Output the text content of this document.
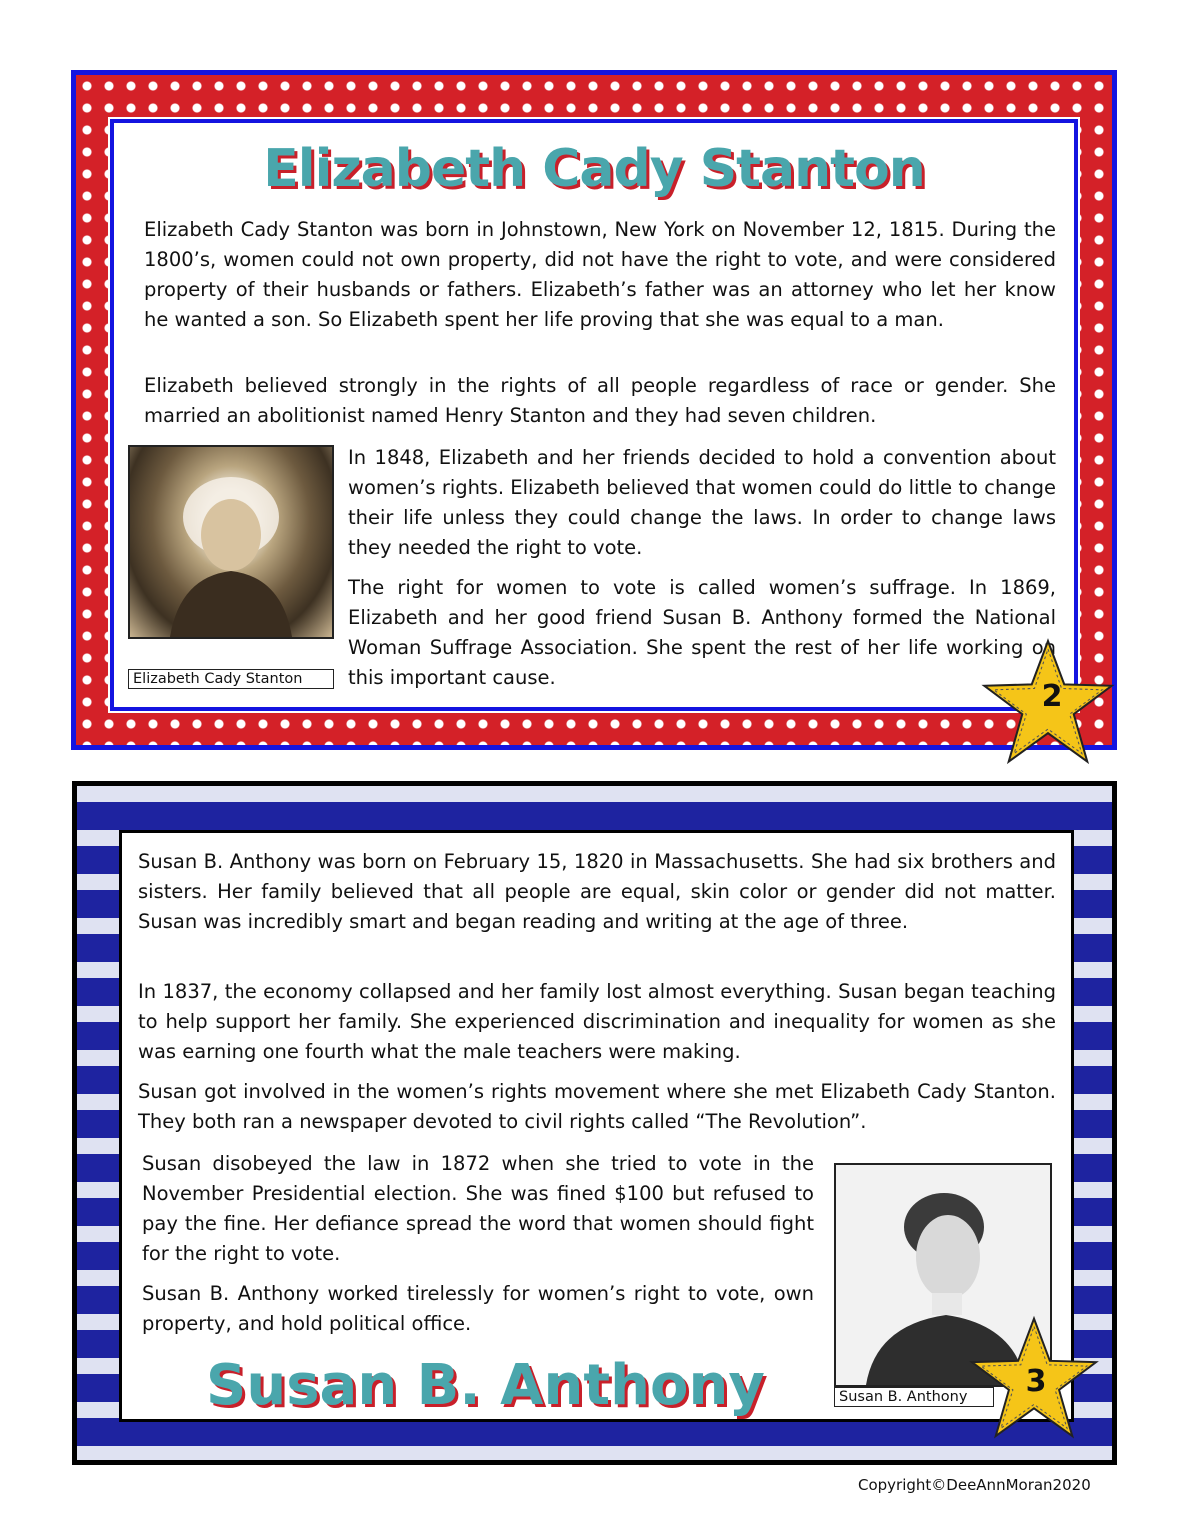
Elizabeth Cady Stanton

Elizabeth Cady Stanton was born in Johnstown, New York on November 12, 1815. During the 1800’s, women could not own property, did not have the right to vote, and were considered property of their husbands or fathers. Elizabeth’s father was an attorney who let her know he wanted a son. So Elizabeth spent her life proving that she was equal to a man.

Elizabeth believed strongly in the rights of all people regardless of race or gender. She married an abolitionist named Henry Stanton and they had seven children.

Elizabeth Cady Stanton

In 1848, Elizabeth and her friends decided to hold a convention about women’s rights. Elizabeth believed that women could do little to change their life unless they could change the laws. In order to change laws they needed the right to vote.

The right for women to vote is called women’s suffrage. In 1869, Elizabeth and her good friend Susan B. Anthony formed the National Woman Suffrage Association. She spent the rest of her life working on this important cause.

2

Susan B. Anthony was born on February 15, 1820 in Massachusetts. She had six brothers and sisters. Her family believed that all people are equal, skin color or gender did not matter. Susan was incredibly smart and began reading and writing at the age of three.

In 1837, the economy collapsed and her family lost almost everything. Susan began teaching to help support her family. She experienced discrimination and inequality for women as she was earning one fourth what the male teachers were making.

Susan got involved in the women’s rights movement where she met Elizabeth Cady Stanton. They both ran a newspaper devoted to civil rights called “The Revolution”.

Susan disobeyed the law in 1872 when she tried to vote in the November Presidential election. She was fined $100 but refused to pay the fine. Her defiance spread the word that women should fight for the right to vote.

Susan B. Anthony worked tirelessly for women’s right to vote, own property, and hold political office.

Susan B. Anthony
Susan B. Anthony	3
Copyright©DeeAnnMoran2020
